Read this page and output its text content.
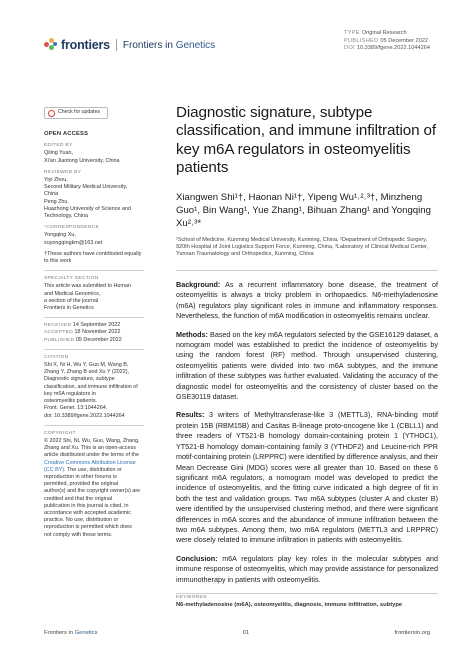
frontiers Frontiers in Genetics
TYPE Original Research
PUBLISHED 05 December 2022
DOI 10.3389/fgene.2022.1044264
Check for updates
OPEN ACCESS
EDITED BY
Qiling Yuan,
Xi'an Jiaotong University, China
REVIEWED BY
Yiyi Zhou,
Second Military Medical University,
China
Peng Zhu,
Huazhong University of Science and
Technology, China
*CORRESPONDENCE
Yongqing Xu,
xuyongqingkm@163.net
†These authors have contributed equally
to this work
SPECIALTY SECTION
This article was submitted to Human
and Medical Genomics,
a section of the journal
Frontiers in Genetics
RECEIVED 14 September 2022
ACCEPTED 18 November 2022
PUBLISHED 05 December 2022
CITATION
Shi X, Ni H, Wu Y, Guo M, Wang B,
Zhang Y, Zhang B and Xu Y (2022),
Diagnostic signature, subtype
classification, and immune infiltration of
key m6A regulators in
osteomyelitis patients.
Front. Genet. 13:1044264.
doi: 10.3389/fgene.2022.1044264
COPYRIGHT
© 2022 Shi, Ni, Wu, Guo, Wang, Zhang,
Zhang and Xu. This is an open-access
article distributed under the terms of the
Creative Commons Attribution License
(CC BY). The use, distribution or
reproduction in other forums is
permitted, provided the original
author(s) and the copyright owner(s) are
credited and that the original
publication in this journal is cited, in
accordance with accepted academic
practice. No use, distribution or
reproduction is permitted which does
not comply with these terms.
Diagnostic signature, subtype classification, and immune infiltration of key m6A regulators in osteomyelitis patients
Xiangwen Shi¹†, Haonan Ni¹†, Yipeng Wu¹˒²˒³†, Minzheng Guo¹, Bin Wang¹, Yue Zhang¹, Bihuan Zhang¹ and Yongqing Xu²˒³*
¹School of Medicine, Kunming Medical University, Kunming, China, ²Department of Orthopedic Surgery, 920th Hospital of Joint Logistics Support Force, Kunming, China, ³Laboratory of Clinical Medical Center, Yunnan Traumatology and Orthopedics, Kunming, China

Background: As a recurrent inflammatory bone disease, the treatment of osteomyelitis is always a tricky problem in orthopaedics. N6-methyladenosine (m6A) regulators play significant roles in immune and inflammatory responses. Nevertheless, the function of m6A modification in osteomyelitis remains unclear.

Methods: Based on the key m6A regulators selected by the GSE16129 dataset, a nomogram model was established to predict the incidence of osteomyelitis by using the random forest (RF) method. Through unsupervised clustering, osteomyelitis patients were divided into two m6A subtypes, and the immune infiltration of these subtypes was further evaluated. Validating the accuracy of the diagnostic model for osteomyelitis and the consistency of cluster based on the GSE30119 dataset.

Results: 3 writers of Methyltransferase-like 3 (METTL3), RNA-binding motif protein 15B (RBM15B) and Casitas B-lineage proto-oncogene like 1 (CBLL1) and three readers of YT521-B homology domain-containing protein 1 (YTHDC1), YT521-B homology domain-containing family 3 (YTHDF2) and Leucine-rich PPR motif-containing protein (LRPPRC) were identified by difference analysis, and their Mean Decrease Gini (MDG) scores were all greater than 10. Based on these 6 significant m6A regulators, a nomogram model was developed to predict the incidence of osteomyelitis, and the fitting curve indicated a high degree of fit in both the test and validation groups. Two m6A subtypes (cluster A and cluster B) were identified by the unsupervised clustering method, and there were significant differences in m6A scores and the abundance of immune infiltration between the two m6A subtypes. Among them, two m6A regulators (METTL3 and LRPPRC) were closely related to immune infiltration in patients with osteomyelitis.

Conclusion: m6A regulators play key roles in the molecular subtypes and immune response of osteomyelitis, which may provide assistance for personalized immunotherapy in patients with osteomyelitis.

KEYWORDS
N6-methyladenosine (m6A), osteomyelitis, diagnosis, immune infiltration, subtype
Frontiers in Genetics	01	frontiersin.org
